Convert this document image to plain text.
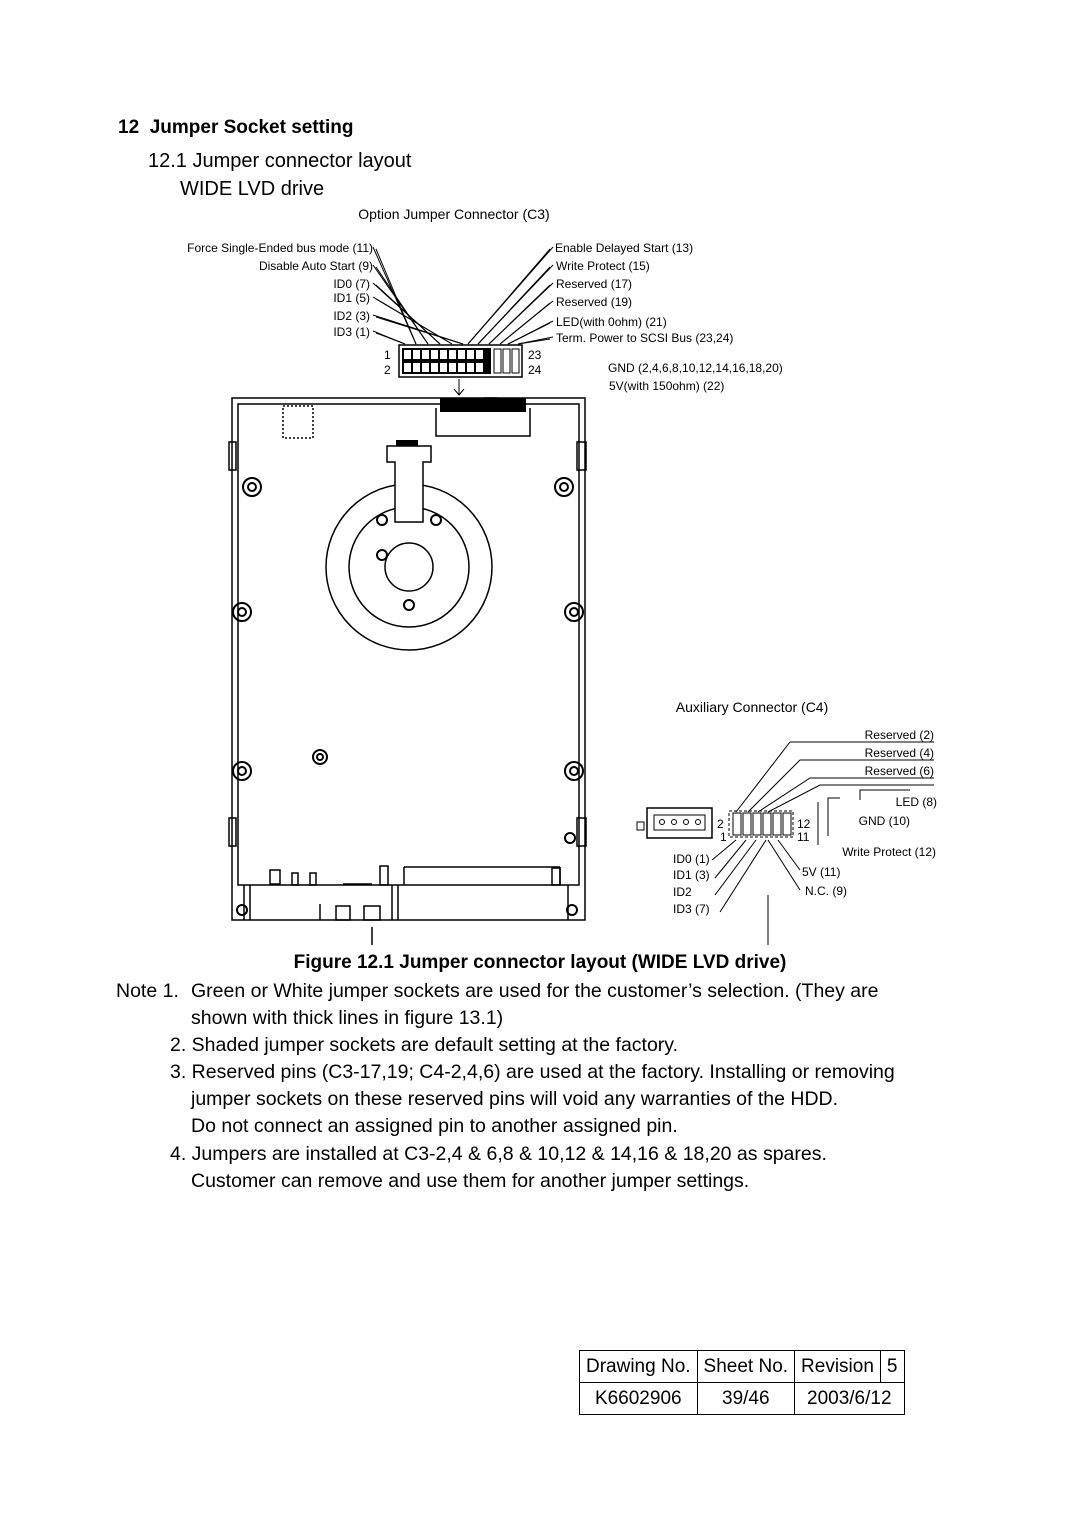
12 Jumper Socket setting
12.1 Jumper connector layout
WIDE LVD drive
Option Jumper Connector (C3)
Force Single-Ended bus mode (11)
Disable Auto Start (9)
ID0 (7)
ID1 (5)
ID2 (3)
ID3 (1)
Enable Delayed Start (13)
Write Protect (15)
Reserved (17)
Reserved (19)
LED(with 0ohm) (21)
Term. Power to SCSI Bus (23,24)
GND (2,4,6,8,10,12,14,16,18,20)
5V(with 150ohm) (22)
1
2
23
24
Auxiliary Connector (C4)
Reserved (2)
Reserved (4)
Reserved (6)
LED (8)
GND (10)
Write Protect (12)
5V (11)
N.C. (9)
ID0 (1)
ID1 (3)
ID2
ID3 (7)
2
1
12
11
Figure 12.1 Jumper connector layout (WIDE LVD drive)
Note 1. Green or White jumper sockets are used for the customer’s selection. (They are
shown with thick lines in figure 13.1)
2. Shaded jumper sockets are default setting at the factory.
3. Reserved pins (C3-17,19; C4-2,4,6) are used at the factory. Installing or removing
jumper sockets on these reserved pins will void any warranties of the HDD.
Do not connect an assigned pin to another assigned pin.
4. Jumpers are installed at C3-2,4 & 6,8 & 10,12 & 14,16 & 18,20 as spares.
Customer can remove and use them for another jumper settings.
Drawing No.	Sheet No.	Revision	5
K6602906	39/46	2003/6/12	
